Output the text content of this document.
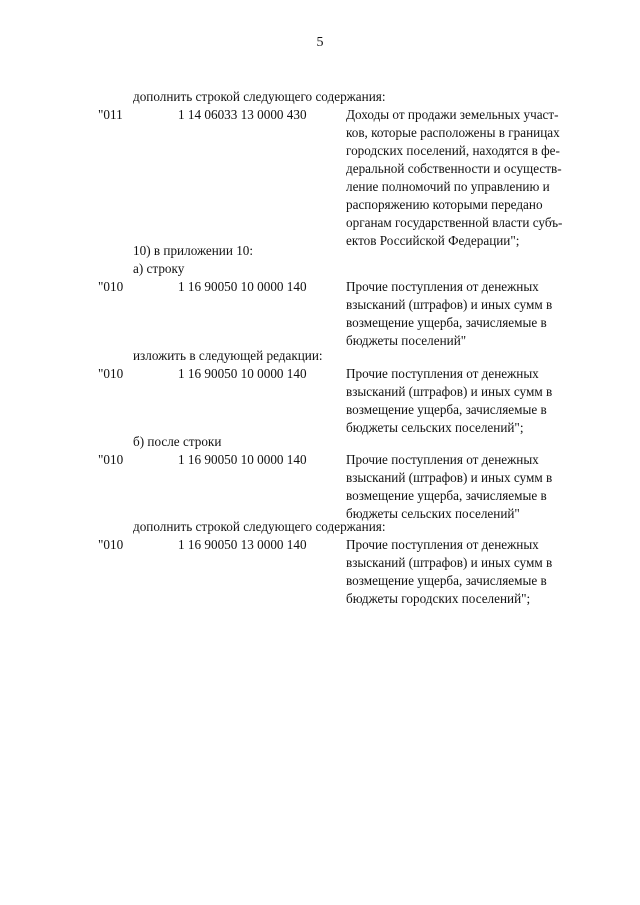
5
дополнить строкой следующего содержания:
"011	1 14 06033 13 0000 430	Доходы от продажи земельных участ-
ков, которые расположены в границах
городских поселений, находятся в фе-
деральной собственности и осуществ-
ление полномочий по управлению и
распоряжению которыми передано
органам государственной власти субъ-
ектов Российской Федерации";
10) в приложении 10:
а) строку
"010	1 16 90050 10 0000 140	Прочие поступления от денежных
взысканий (штрафов) и иных сумм в
возмещение ущерба, зачисляемые в
бюджеты поселений"
изложить в следующей редакции:
"010	1 16 90050 10 0000 140	Прочие поступления от денежных
взысканий (штрафов) и иных сумм в
возмещение ущерба, зачисляемые в
бюджеты сельских поселений";
б) после строки
"010	1 16 90050 10 0000 140	Прочие поступления от денежных
взысканий (штрафов) и иных сумм в
возмещение ущерба, зачисляемые в
бюджеты сельских поселений"
дополнить строкой следующего содержания:
"010	1 16 90050 13 0000 140	Прочие поступления от денежных
взысканий (штрафов) и иных сумм в
возмещение ущерба, зачисляемые в
бюджеты городских поселений";
